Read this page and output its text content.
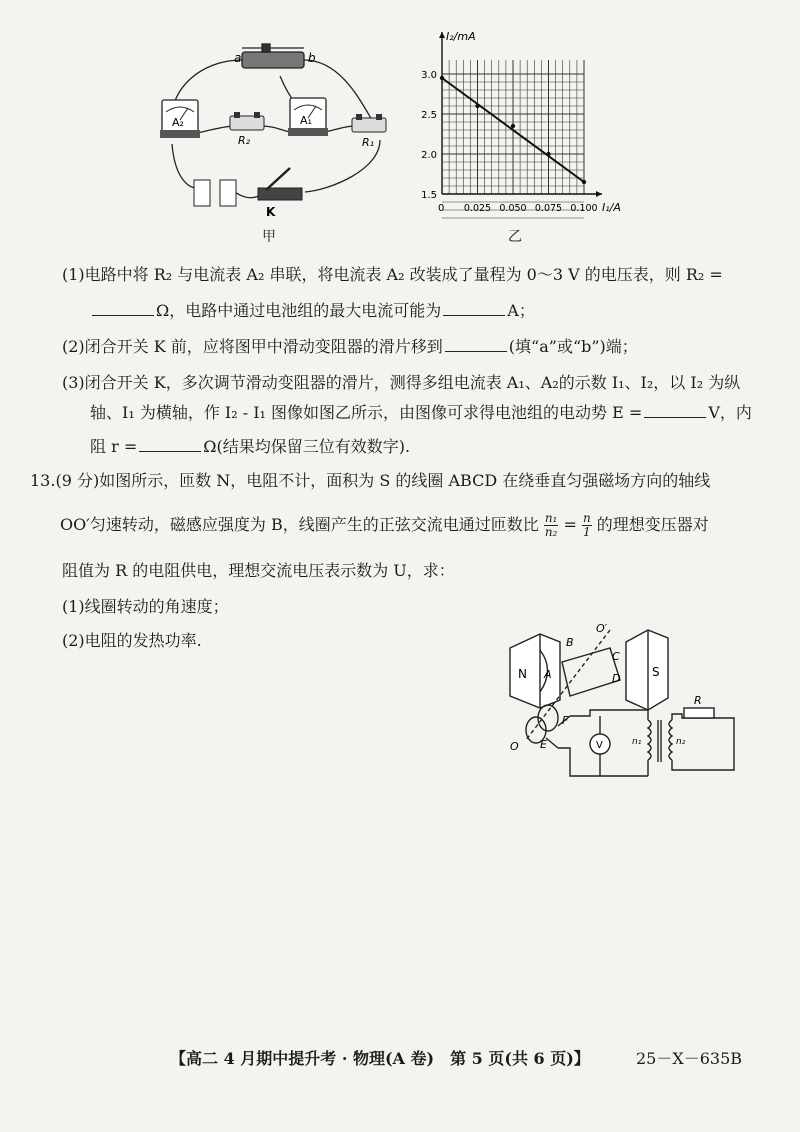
a	b
A₂
R₂
A₁
R₁
K
甲
0.025 0.050 0.075 0.100
1.5
2.0
2.5
3.0
I₂/mA
I₁/A
0
乙
(1)电路中将 R₂ 与电流表 A₂ 串联，将电流表 A₂ 改装成了量程为 0～3 V 的电压表，则 R₂ =
Ω，电路中通过电池组的最大电流可能为	A；
(2)闭合开关 K 前，应将图甲中滑动变阻器的滑片移到	(填“a”或“b”)端；
(3)闭合开关 K，多次调节滑动变阻器的滑片，测得多组电流表 A₁、A₂的示数 I₁、I₂，以 I₂ 为纵
轴、I₁ 为横轴，作 I₂ - I₁ 图像如图乙所示，由图像可求得电池组的电动势 E =	V，内
阻 r =	Ω(结果均保留三位有效数字).
13.(9 分)如图所示，匝数 N，电阻不计，面积为 S 的线圈 ABCD 在绕垂直匀强磁场方向的轴线
OO′匀速转动，磁感应强度为 B，线圈产生的正弦交流电通过匝数比 $\frac{\text{n₁}}{\text{n₂}} = \frac{n}{1}$ 的理想变压器对
阻值为 R 的电阻供电，理想交流电压表示数为 U，求：
(1)线圈转动的角速度；
(2)电阻的发热功率.
N	S
A
B
C
D
O′
O E
F
V
R
n₁	n₂
【高二 4 月期中提升考 · 物理(A 卷)　第 5 页(共 6 页)】	25－X－635B
